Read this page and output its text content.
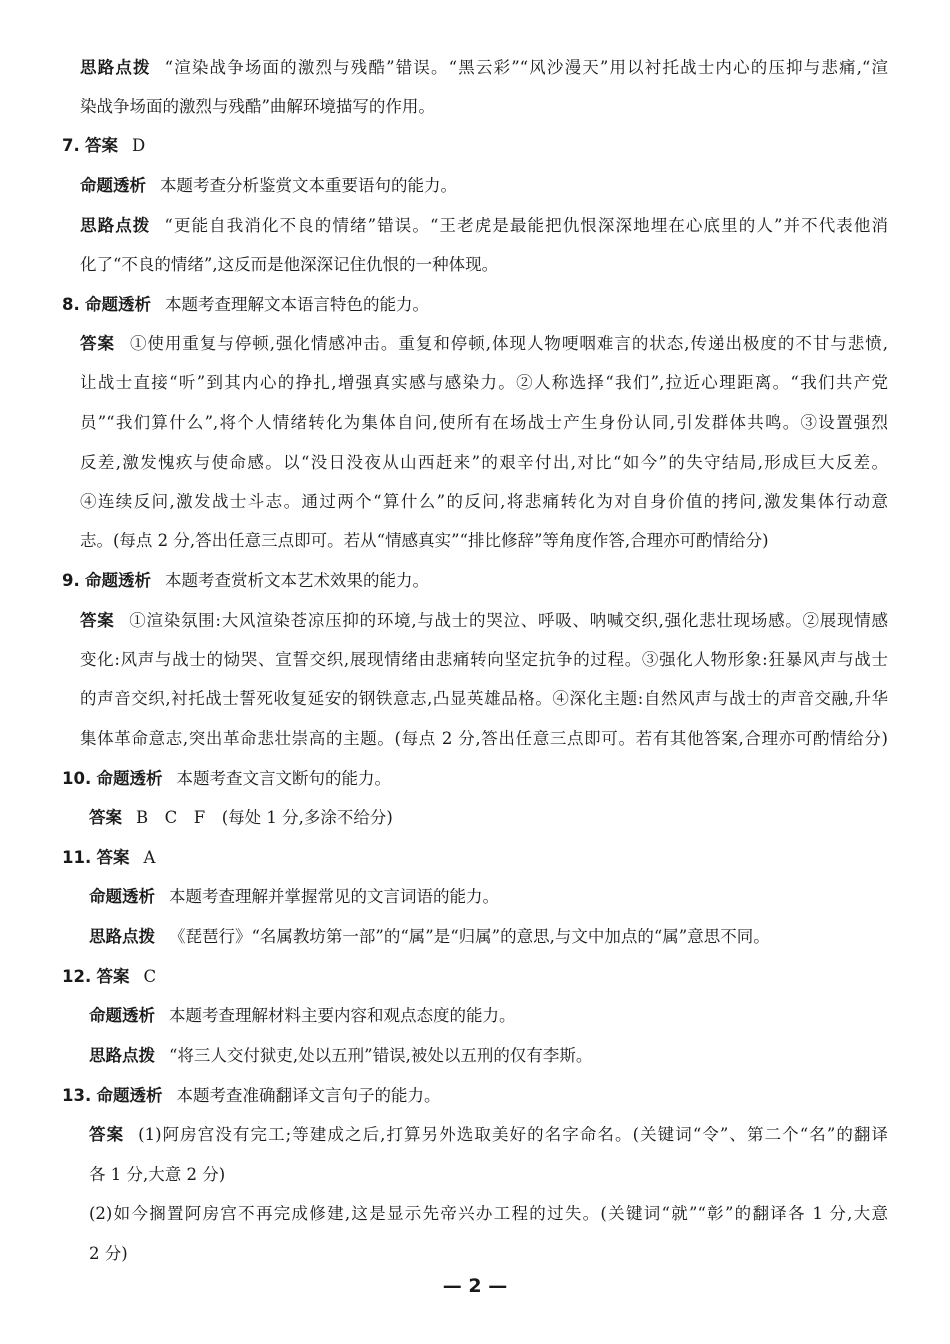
思路点拨 “渲染战争场面的激烈与残酷”错误。“黑云彩”“风沙漫天”用以衬托战士内心的压抑与悲痛,“渲
染战争场面的激烈与残酷”曲解环境描写的作用。
7. 答案 D
命题透析 本题考查分析鉴赏文本重要语句的能力。
思路点拨 “更能自我消化不良的情绪”错误。“王老虎是最能把仇恨深深地埋在心底里的人”并不代表他消
化了“不良的情绪”,这反而是他深深记住仇恨的一种体现。
8. 命题透析 本题考查理解文本语言特色的能力。
答案 ①使用重复与停顿,强化情感冲击。重复和停顿,体现人物哽咽难言的状态,传递出极度的不甘与悲愤,
让战士直接“听”到其内心的挣扎,增强真实感与感染力。②人称选择“我们”,拉近心理距离。“我们共产党
员”“我们算什么”,将个人情绪转化为集体自问,使所有在场战士产生身份认同,引发群体共鸣。③设置强烈
反差,激发愧疚与使命感。以“没日没夜从山西赶来”的艰辛付出,对比“如今”的失守结局,形成巨大反差。
④连续反问,激发战士斗志。通过两个“算什么”的反问,将悲痛转化为对自身价值的拷问,激发集体行动意
志。(每点 2 分,答出任意三点即可。若从“情感真实”“排比修辞”等角度作答,合理亦可酌情给分)
9. 命题透析 本题考查赏析文本艺术效果的能力。
答案 ①渲染氛围:大风渲染苍凉压抑的环境,与战士的哭泣、呼吸、呐喊交织,强化悲壮现场感。②展现情感
变化:风声与战士的恸哭、宣誓交织,展现情绪由悲痛转向坚定抗争的过程。③强化人物形象:狂暴风声与战士
的声音交织,衬托战士誓死收复延安的钢铁意志,凸显英雄品格。④深化主题:自然风声与战士的声音交融,升华
集体革命意志,突出革命悲壮崇高的主题。(每点 2 分,答出任意三点即可。若有其他答案,合理亦可酌情给分)
10. 命题透析 本题考查文言文断句的能力。
答案 B　C　F　(每处 1 分,多涂不给分)
11. 答案 A
命题透析 本题考查理解并掌握常见的文言词语的能力。
思路点拨 《琵琶行》“名属教坊第一部”的“属”是“归属”的意思,与文中加点的“属”意思不同。
12. 答案 C
命题透析 本题考查理解材料主要内容和观点态度的能力。
思路点拨 “将三人交付狱吏,处以五刑”错误,被处以五刑的仅有李斯。
13. 命题透析 本题考查准确翻译文言句子的能力。
答案 (1)阿房宫没有完工;等建成之后,打算另外选取美好的名字命名。(关键词“令”、第二个“名”的翻译
各 1 分,大意 2 分)
(2)如今搁置阿房宫不再完成修建,这是显示先帝兴办工程的过失。(关键词“就”“彰”的翻译各 1 分,大意
2 分)
— 2 —
